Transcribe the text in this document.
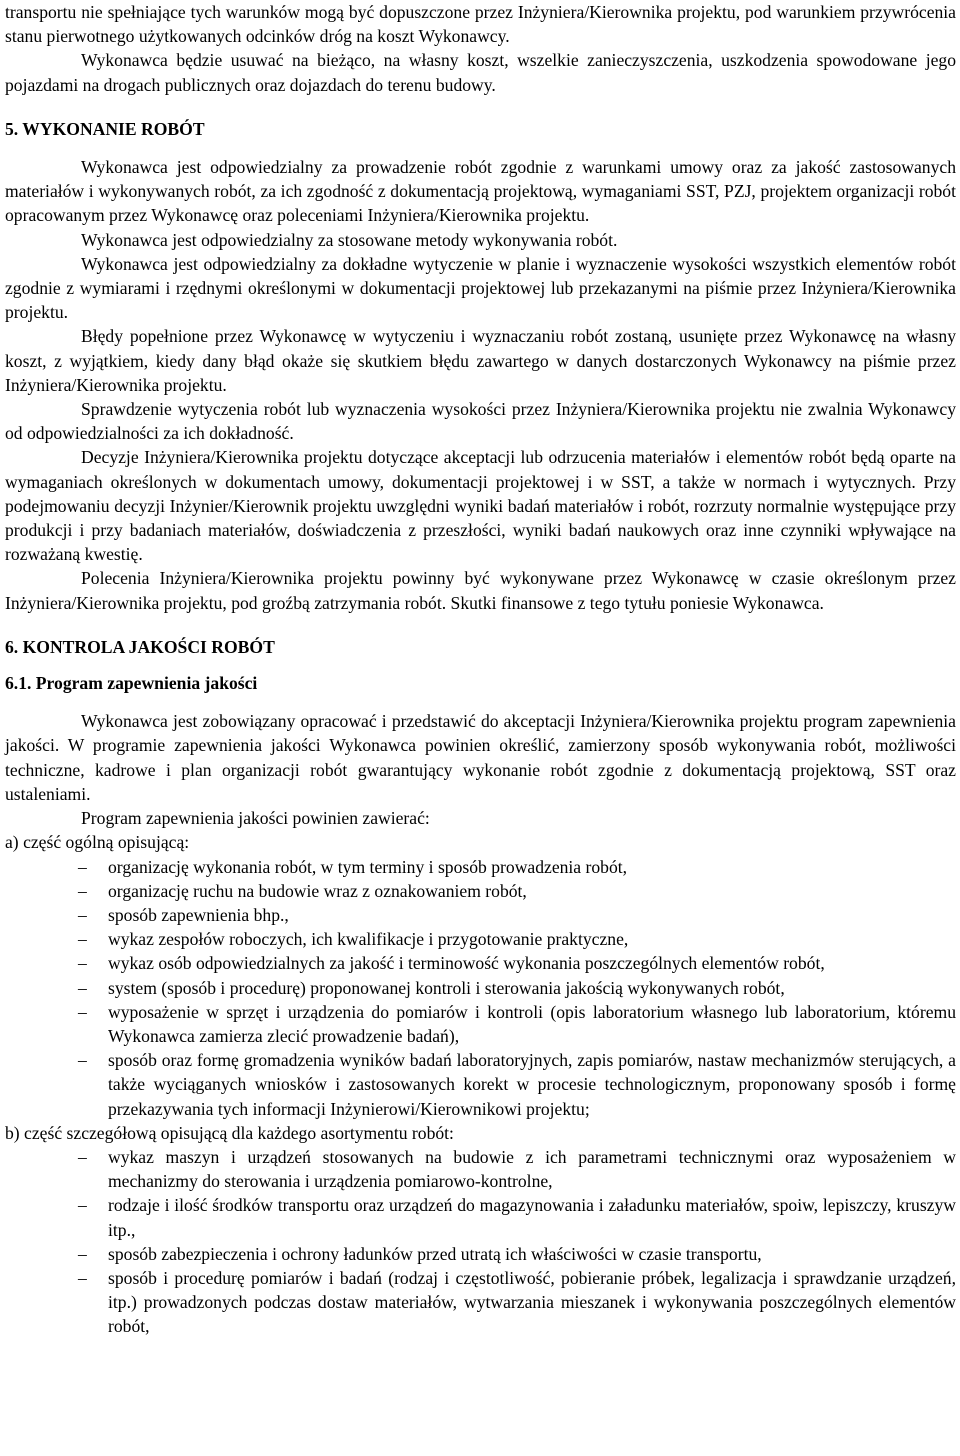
transportu nie spełniające tych warunków mogą być dopuszczone przez Inżyniera/Kierownika projektu, pod warunkiem przywrócenia stanu pierwotnego użytkowanych odcinków dróg na koszt Wykonawcy.

Wykonawca będzie usuwać na bieżąco, na własny koszt, wszelkie zanieczyszczenia, uszkodzenia spowodowane jego pojazdami na drogach publicznych oraz dojazdach do terenu budowy.

5. WYKONANIE ROBÓT

Wykonawca jest odpowiedzialny za prowadzenie robót zgodnie z warunkami umowy oraz za jakość zastosowanych materiałów i wykonywanych robót, za ich zgodność z dokumentacją projektową, wymaganiami SST, PZJ, projektem organizacji robót opracowanym przez Wykonawcę oraz poleceniami Inżyniera/Kierownika projektu.

Wykonawca jest odpowiedzialny za stosowane metody wykonywania robót.

Wykonawca jest odpowiedzialny za dokładne wytyczenie w planie i wyznaczenie wysokości wszystkich elementów robót zgodnie z wymiarami i rzędnymi określonymi w dokumentacji projektowej lub przekazanymi na piśmie przez Inżyniera/Kierownika projektu.

Błędy popełnione przez Wykonawcę w wytyczeniu i wyznaczaniu robót zostaną, usunięte przez Wykonawcę na własny koszt, z wyjątkiem, kiedy dany błąd okaże się skutkiem błędu zawartego w danych dostarczonych Wykonawcy na piśmie przez Inżyniera/Kierownika projektu.

Sprawdzenie wytyczenia robót lub wyznaczenia wysokości przez Inżyniera/Kierownika projektu nie zwalnia Wykonawcy od odpowiedzialności za ich dokładność.

Decyzje Inżyniera/Kierownika projektu dotyczące akceptacji lub odrzucenia materiałów i elementów robót będą oparte na wymaganiach określonych w dokumentach umowy, dokumentacji projektowej i w SST, a także w normach i wytycznych. Przy podejmowaniu decyzji Inżynier/Kierownik projektu uwzględni wyniki badań materiałów i robót, rozrzuty normalnie występujące przy produkcji i przy badaniach materiałów, doświadczenia z przeszłości, wyniki badań naukowych oraz inne czynniki wpływające na rozważaną kwestię.

Polecenia Inżyniera/Kierownika projektu powinny być wykonywane przez Wykonawcę w czasie określonym przez Inżyniera/Kierownika projektu, pod groźbą zatrzymania robót. Skutki finansowe z tego tytułu poniesie Wykonawca.

6. KONTROLA JAKOŚCI ROBÓT
6.1. Program zapewnienia jakości

Wykonawca jest zobowiązany opracować i przedstawić do akceptacji Inżyniera/Kierownika projektu program zapewnienia jakości. W programie zapewnienia jakości Wykonawca powinien określić, zamierzony sposób wykonywania robót, możliwości techniczne, kadrowe i plan organizacji robót gwarantujący wykonanie robót zgodnie z dokumentacją projektową, SST oraz ustaleniami.

Program zapewnienia jakości powinien zawierać:

a) część ogólną opisującą:

–	organizację wykonania robót, w tym terminy i sposób prowadzenia robót,
–	organizację ruchu na budowie wraz z oznakowaniem robót,
–	sposób zapewnienia bhp.,
–	wykaz zespołów roboczych, ich kwalifikacje i przygotowanie praktyczne,
–	wykaz osób odpowiedzialnych za jakość i terminowość wykonania poszczególnych elementów robót,
–	system (sposób i procedurę) proponowanej kontroli i sterowania jakością wykonywanych robót,
–	wyposażenie w sprzęt i urządzenia do pomiarów i kontroli (opis laboratorium własnego lub laboratorium, któremu Wykonawca zamierza zlecić prowadzenie badań),
–	sposób oraz formę gromadzenia wyników badań laboratoryjnych, zapis pomiarów, nastaw mechanizmów sterujących, a także wyciąganych wniosków i zastosowanych korekt w procesie technologicznym, proponowany sposób i formę przekazywania tych informacji Inżynierowi/Kierownikowi projektu;

b) część szczegółową opisującą dla każdego asortymentu robót:

–	wykaz maszyn i urządzeń stosowanych na budowie z ich parametrami technicznymi oraz wyposażeniem w mechanizmy do sterowania i urządzenia pomiarowo-kontrolne,
–	rodzaje i ilość środków transportu oraz urządzeń do magazynowania i załadunku materiałów, spoiw, lepiszczy, kruszyw itp.,
–	sposób zabezpieczenia i ochrony ładunków przed utratą ich właściwości w czasie transportu,
–	sposób i procedurę pomiarów i badań (rodzaj i częstotliwość, pobieranie próbek, legalizacja i sprawdzanie urządzeń, itp.) prowadzonych podczas dostaw materiałów, wytwarzania mieszanek i wykonywania poszczególnych elementów robót,
